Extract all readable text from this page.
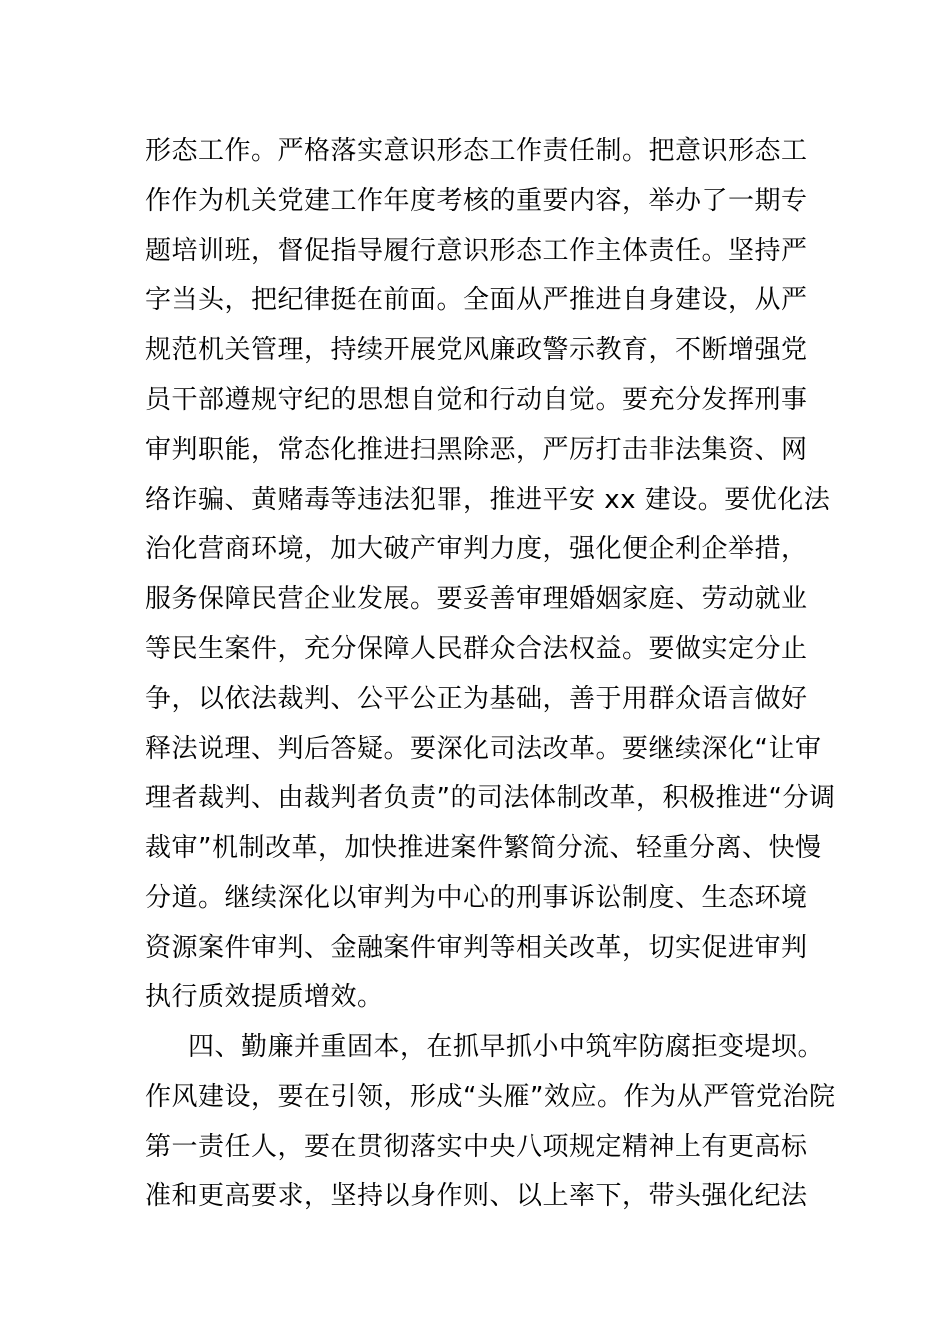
形态工作。严格落实意识形态工作责任制。把意识形态工
作作为机关党建工作年度考核的重要内容，举办了一期专
题培训班，督促指导履行意识形态工作主体责任。坚持严
字当头，把纪律挺在前面。全面从严推进自身建设，从严
规范机关管理，持续开展党风廉政警示教育，不断增强党
员干部遵规守纪的思想自觉和行动自觉。要充分发挥刑事
审判职能，常态化推进扫黑除恶，严厉打击非法集资、网
络诈骗、黄赌毒等违法犯罪，推进平安 xx 建设。要优化法
治化营商环境，加大破产审判力度，强化便企利企举措，
服务保障民营企业发展。要妥善审理婚姻家庭、劳动就业
等民生案件，充分保障人民群众合法权益。要做实定分止
争，以依法裁判、公平公正为基础，善于用群众语言做好
释法说理、判后答疑。要深化司法改革。要继续深化“让审
理者裁判、由裁判者负责”的司法体制改革，积极推进“分调
裁审”机制改革，加快推进案件繁简分流、轻重分离、快慢
分道。继续深化以审判为中心的刑事诉讼制度、生态环境
资源案件审判、金融案件审判等相关改革，切实促进审判
执行质效提质增效。
四、勤廉并重固本，在抓早抓小中筑牢防腐拒变堤坝。
作风建设，要在引领，形成“头雁”效应。作为从严管党治院
第一责任人，要在贯彻落实中央八项规定精神上有更高标
准和更高要求，坚持以身作则、以上率下，带头强化纪法
